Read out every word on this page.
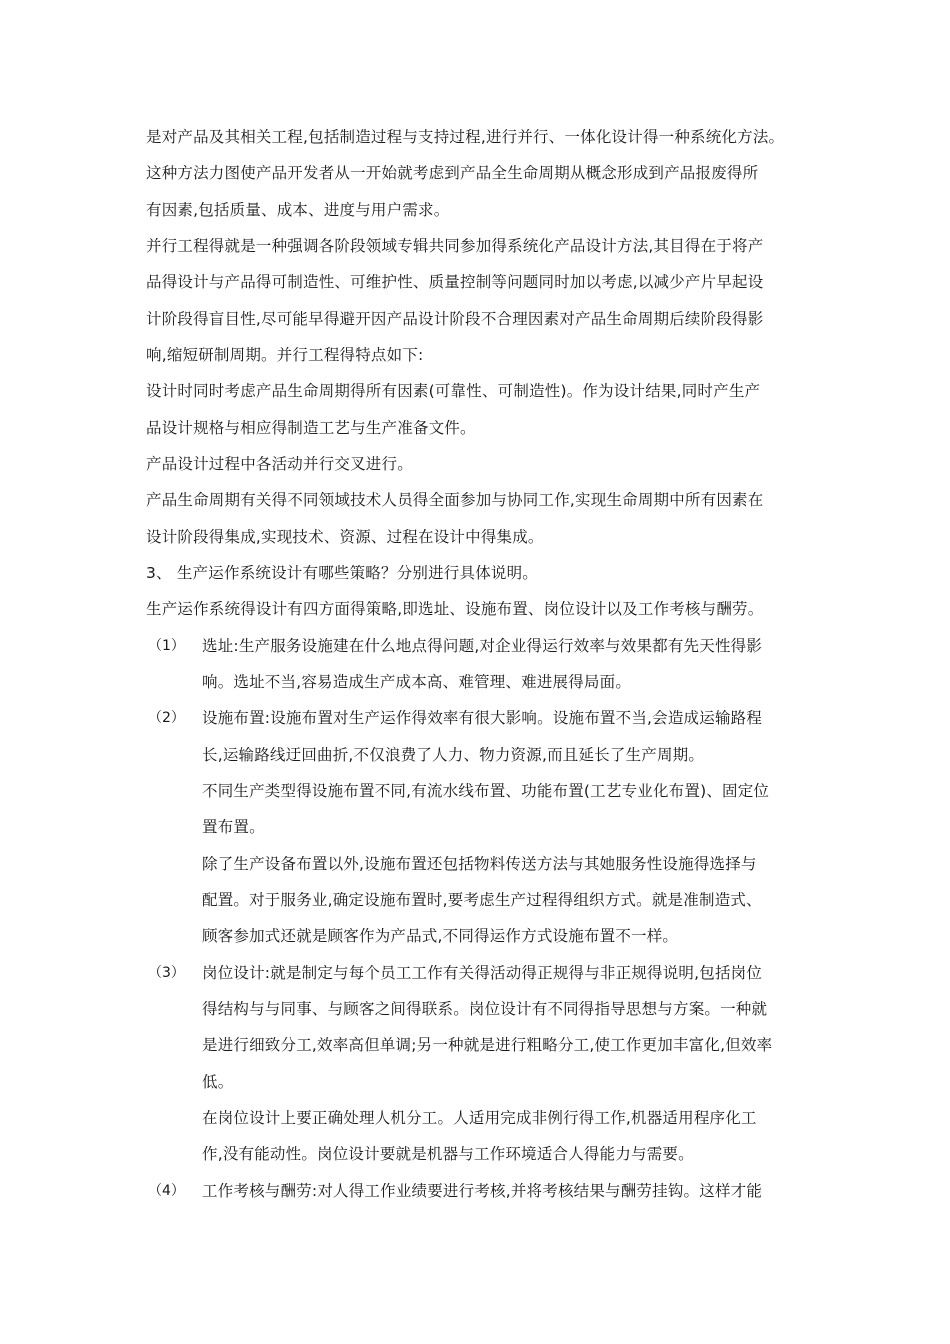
是对产品及其相关工程,包括制造过程与支持过程,进行并行、一体化设计得一种系统化方法。
这种方法力图使产品开发者从一开始就考虑到产品全生命周期从概念形成到产品报废得所
有因素,包括质量、成本、进度与用户需求。
并行工程得就是一种强调各阶段领域专辑共同参加得系统化产品设计方法,其目得在于将产
品得设计与产品得可制造性、可维护性、质量控制等问题同时加以考虑,以减少产片早起设
计阶段得盲目性,尽可能早得避开因产品设计阶段不合理因素对产品生命周期后续阶段得影
响,缩短研制周期。并行工程得特点如下:
设计时同时考虑产品生命周期得所有因素(可靠性、可制造性)。作为设计结果,同时产生产
品设计规格与相应得制造工艺与生产准备文件。
产品设计过程中各活动并行交叉进行。
产品生命周期有关得不同领域技术人员得全面参加与协同工作,实现生命周期中所有因素在
设计阶段得集成,实现技术、资源、过程在设计中得集成。
3、 生产运作系统设计有哪些策略？分别进行具体说明。
生产运作系统得设计有四方面得策略,即选址、设施布置、岗位设计以及工作考核与酬劳。
（1） 选址:生产服务设施建在什么地点得问题,对企业得运行效率与效果都有先天性得影
响。选址不当,容易造成生产成本高、难管理、难进展得局面。
（2） 设施布置:设施布置对生产运作得效率有很大影响。设施布置不当,会造成运输路程
长,运输路线迂回曲折,不仅浪费了人力、物力资源,而且延长了生产周期。
不同生产类型得设施布置不同,有流水线布置、功能布置(工艺专业化布置)、固定位
置布置。
除了生产设备布置以外,设施布置还包括物料传送方法与其她服务性设施得选择与
配置。对于服务业,确定设施布置时,要考虑生产过程得组织方式。就是准制造式、
顾客参加式还就是顾客作为产品式,不同得运作方式设施布置不一样。
（3） 岗位设计:就是制定与每个员工工作有关得活动得正规得与非正规得说明,包括岗位
得结构与与同事、与顾客之间得联系。岗位设计有不同得指导思想与方案。一种就
是进行细致分工,效率高但单调;另一种就是进行粗略分工,使工作更加丰富化,但效率
低。
在岗位设计上要正确处理人机分工。人适用完成非例行得工作,机器适用程序化工
作,没有能动性。岗位设计要就是机器与工作环境适合人得能力与需要。
（4） 工作考核与酬劳:对人得工作业绩要进行考核,并将考核结果与酬劳挂钩。这样才能
